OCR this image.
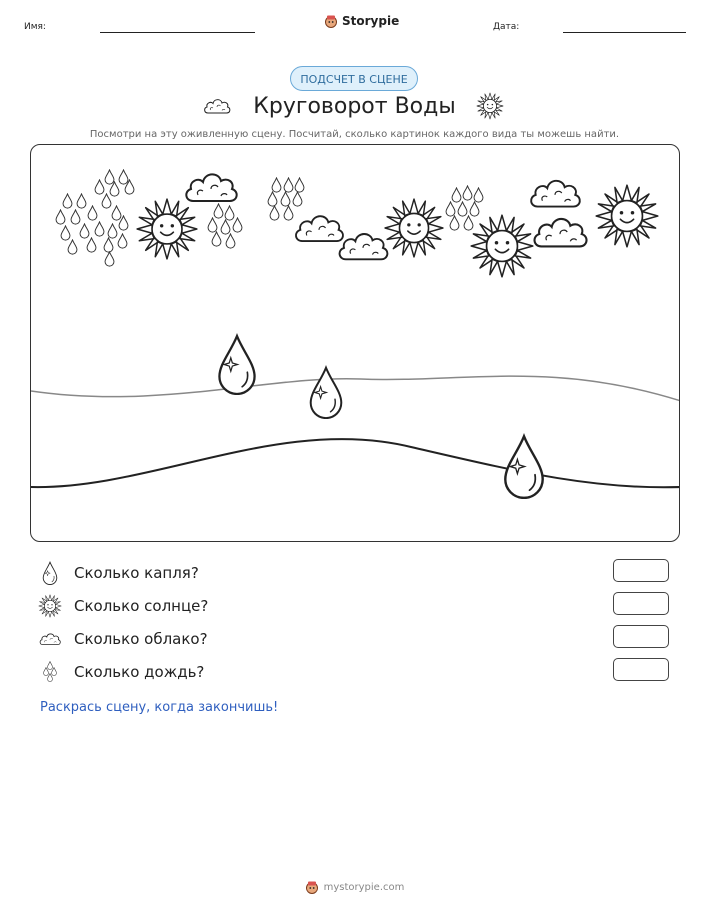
Имя:	Storypie	Дата:
ПОДСЧЕТ В СЦЕНЕ
Круговорот Воды
Посмотри на эту оживленную сцену. Посчитай, сколько картинок каждого вида ты можешь найти.
Сколько капля?
Сколько солнце?
Сколько облако?
Сколько дождь?
Раскрась сцену, когда закончишь!
mystorypie.com
